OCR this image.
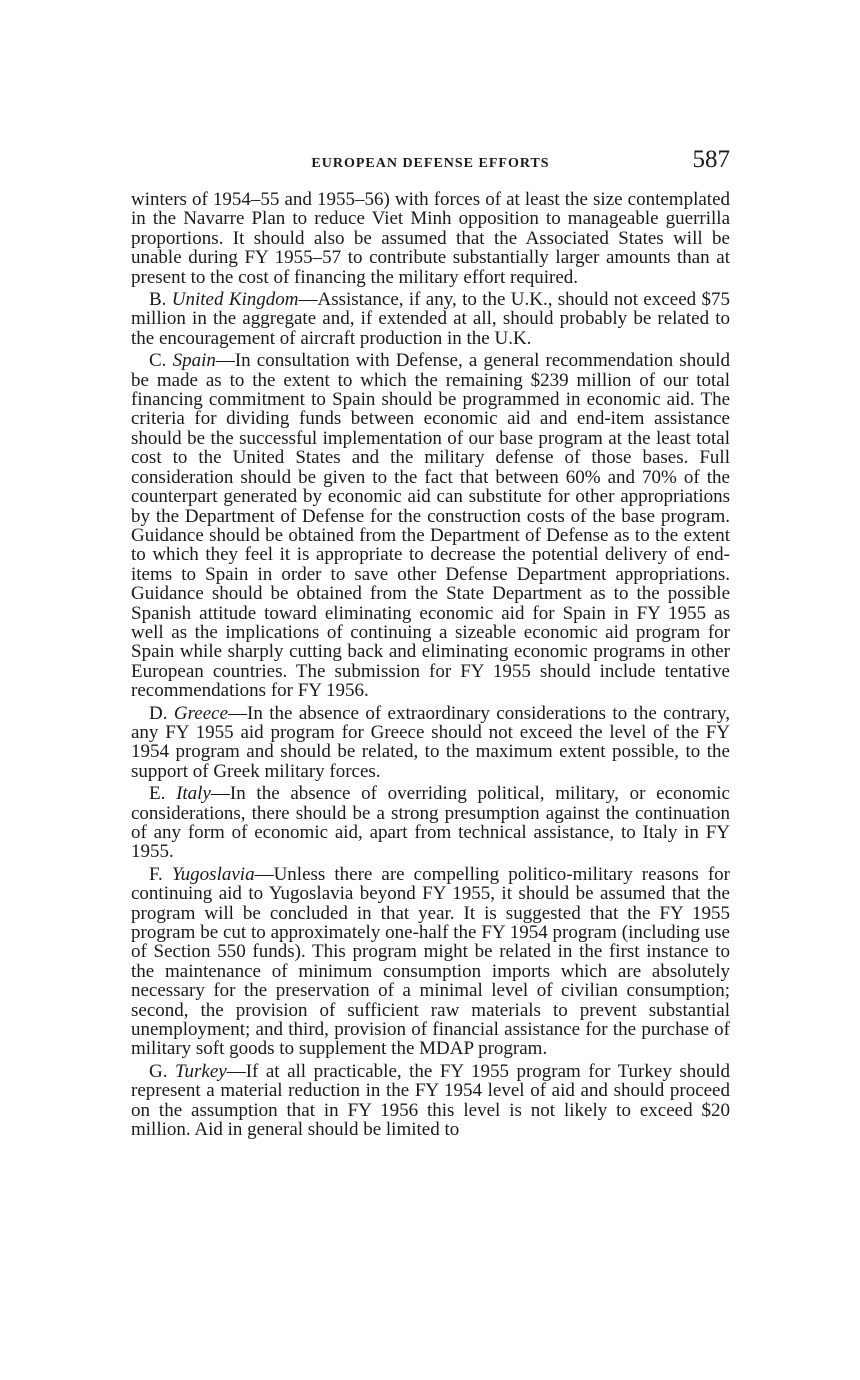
EUROPEAN DEFENSE EFFORTS	587

winters of 1954–55 and 1955–56) with forces of at least the size contemplated in the Navarre Plan to reduce Viet Minh opposition to manageable guerrilla proportions. It should also be assumed that the Associated States will be unable during FY 1955–57 to contribute substantially larger amounts than at present to the cost of financing the military effort required.

B. United Kingdom—Assistance, if any, to the U.K., should not exceed $75 million in the aggregate and, if extended at all, should probably be related to the encouragement of aircraft production in the U.K.

C. Spain—In consultation with Defense, a general recommendation should be made as to the extent to which the remaining $239 million of our total financing commitment to Spain should be programmed in economic aid. The criteria for dividing funds between economic aid and end-item assistance should be the successful implementation of our base program at the least total cost to the United States and the military defense of those bases. Full consideration should be given to the fact that between 60% and 70% of the counterpart generated by economic aid can substitute for other appropriations by the Department of Defense for the construction costs of the base program. Guidance should be obtained from the Department of Defense as to the extent to which they feel it is appropriate to decrease the potential delivery of end-items to Spain in order to save other Defense Department appropriations. Guidance should be obtained from the State Department as to the possible Spanish attitude toward eliminating economic aid for Spain in FY 1955 as well as the implications of continuing a sizeable economic aid program for Spain while sharply cutting back and eliminating economic programs in other European countries. The submission for FY 1955 should include tentative recommendations for FY 1956.

D. Greece—In the absence of extraordinary considerations to the contrary, any FY 1955 aid program for Greece should not exceed the level of the FY 1954 program and should be related, to the maximum extent possible, to the support of Greek military forces.

E. Italy—In the absence of overriding political, military, or economic considerations, there should be a strong presumption against the continuation of any form of economic aid, apart from technical assistance, to Italy in FY 1955.

F. Yugoslavia—Unless there are compelling politico-military reasons for continuing aid to Yugoslavia beyond FY 1955, it should be assumed that the program will be concluded in that year. It is suggested that the FY 1955 program be cut to approximately one-half the FY 1954 program (including use of Section 550 funds). This program might be related in the first instance to the maintenance of minimum consumption imports which are absolutely necessary for the preservation of a minimal level of civilian consumption; second, the provision of sufficient raw materials to prevent substantial unemployment; and third, provision of financial assistance for the purchase of military soft goods to supplement the MDAP program.

G. Turkey—If at all practicable, the FY 1955 program for Turkey should represent a material reduction in the FY 1954 level of aid and should proceed on the assumption that in FY 1956 this level is not likely to exceed $20 million. Aid in general should be limited to
